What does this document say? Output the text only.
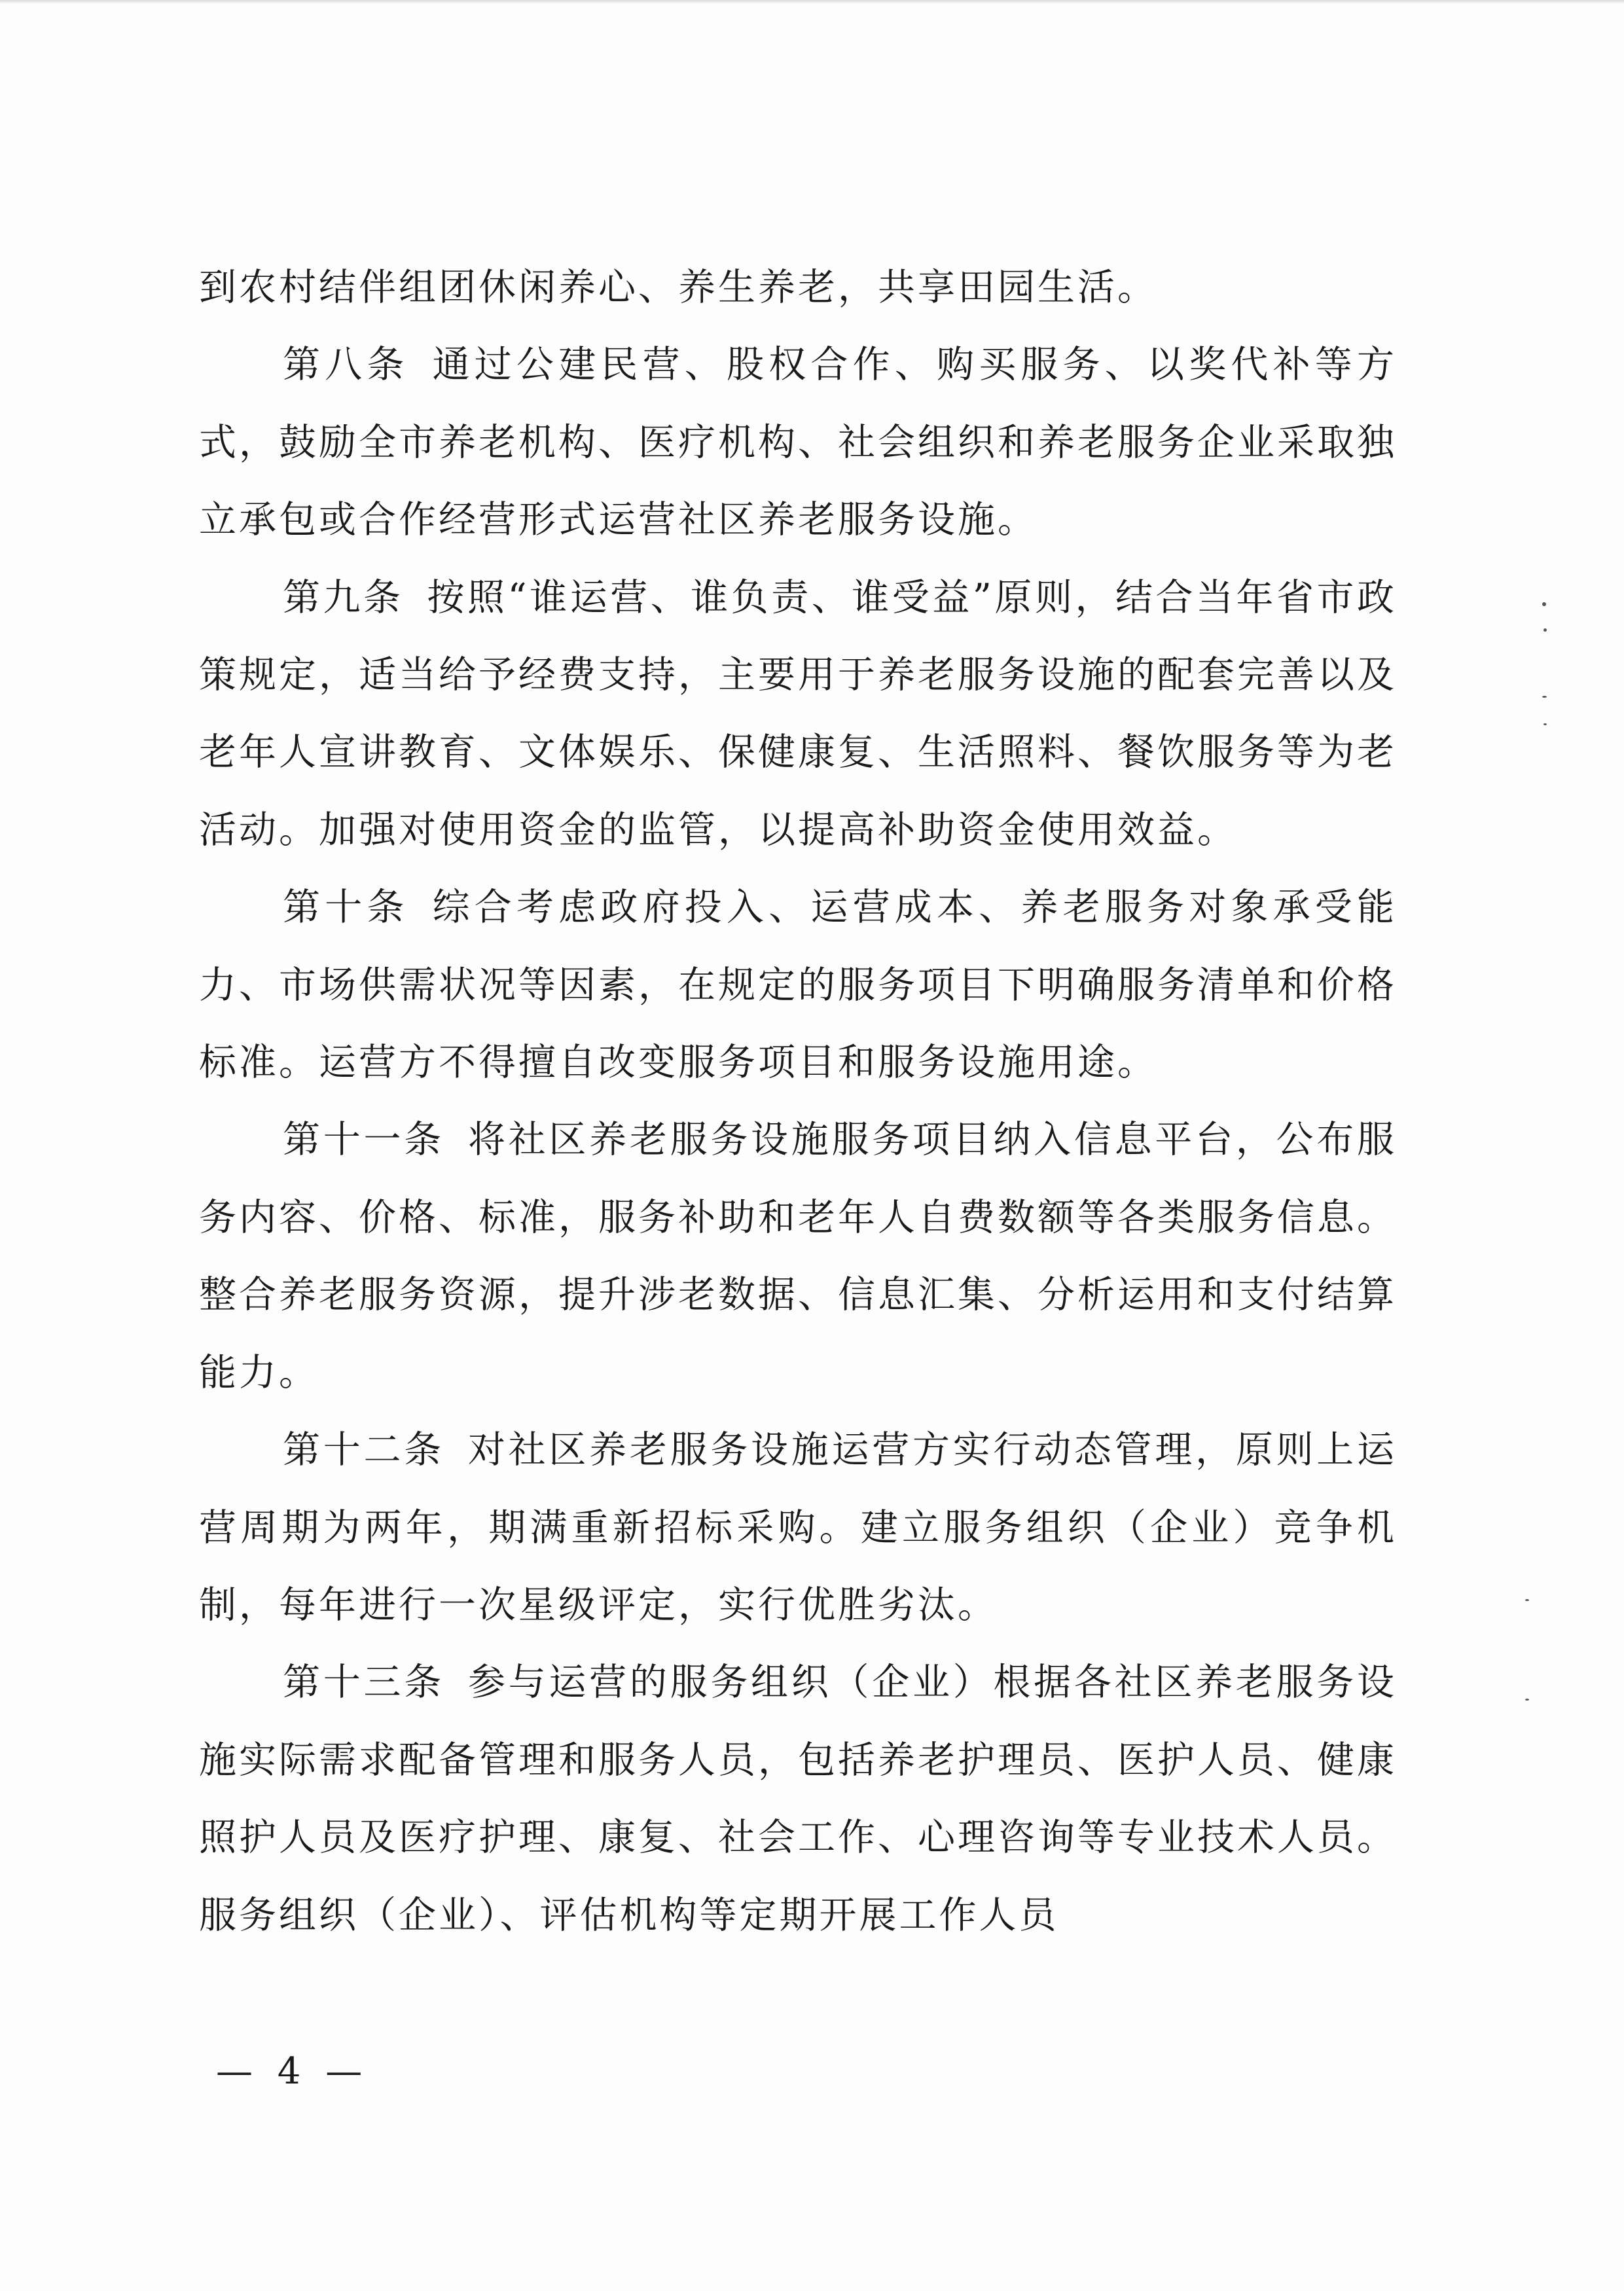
到农村结伴组团休闲养心、养生养老，共享田园生活。

第八条 通过公建民营、股权合作、购买服务、以奖代补等方式，鼓励全市养老机构、医疗机构、社会组织和养老服务企业采取独立承包或合作经营形式运营社区养老服务设施。

第九条 按照“谁运营、谁负责、谁受益”原则，结合当年省市政策规定，适当给予经费支持，主要用于养老服务设施的配套完善以及老年人宣讲教育、文体娱乐、保健康复、生活照料、餐饮服务等为老活动。加强对使用资金的监管，以提高补助资金使用效益。

第十条 综合考虑政府投入、运营成本、养老服务对象承受能力、市场供需状况等因素，在规定的服务项目下明确服务清单和价格标准。运营方不得擅自改变服务项目和服务设施用途。

第十一条 将社区养老服务设施服务项目纳入信息平台，公布服务内容、价格、标准，服务补助和老年人自费数额等各类服务信息。整合养老服务资源，提升涉老数据、信息汇集、分析运用和支付结算能力。

第十二条 对社区养老服务设施运营方实行动态管理，原则上运营周期为两年，期满重新招标采购。建立服务组织（企业）竞争机制，每年进行一次星级评定，实行优胜劣汰。

第十三条 参与运营的服务组织（企业）根据各社区养老服务设施实际需求配备管理和服务人员，包括养老护理员、医护人员、健康照护人员及医疗护理、康复、社会工作、心理咨询等专业技术人员。服务组织（企业）、评估机构等定期开展工作人员

— 4 —
